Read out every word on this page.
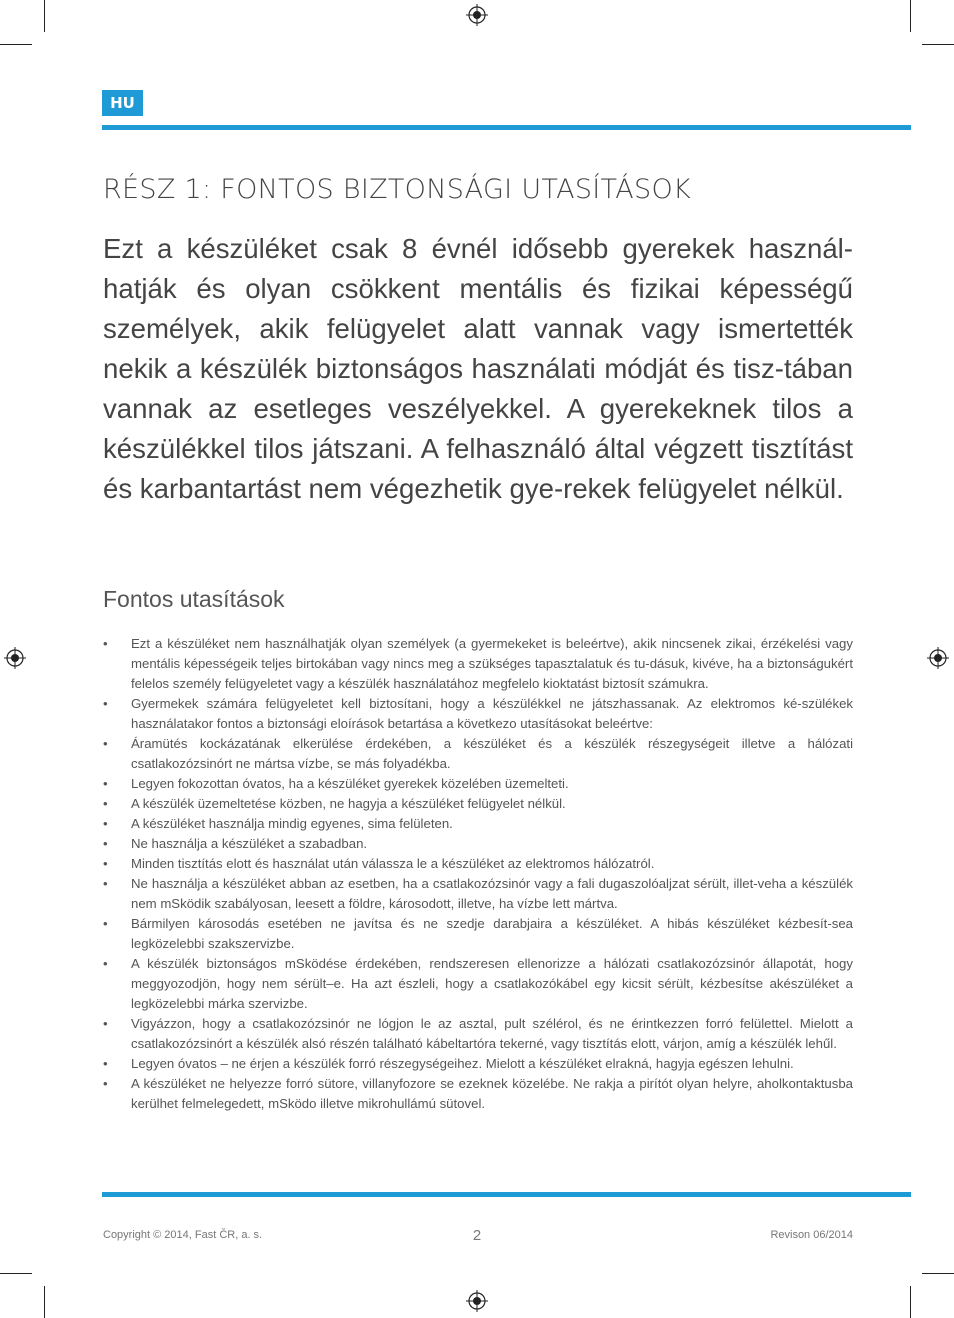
HU
RÉSZ 1: FONTOS BIZTONSÁGI UTASÍTÁSOK
Ezt a készüléket csak 8 évnél idősebb gyerekek használ-hatják és olyan csökkent mentális és fizikai képességű személyek, akik felügyelet alatt vannak vagy ismertették nekik a készülék biztonságos használati módját és tisz-tában vannak az esetleges veszélyekkel. A gyerekeknek tilos a készülékkel tilos játszani. A felhasználó által végzett tisztítást és karbantartást nem végezhetik gye-rekek felügyelet nélkül.
Fontos utasítások
• Ezt a készüléket nem használhatják olyan személyek (a gyermekeket is beleértve), akik nincsenek zikai, érzékelési vagy mentális képességeik teljes birtokában vagy nincs meg a szükséges tapasztalatuk és tu-dásuk, kivéve, ha a biztonságukért felelos személy felügyeletet vagy a készülék használatához megfelelo kioktatást biztosít számukra.
• Gyermekek számára felügyeletet kell biztosítani, hogy a készülékkel ne játszhassanak. Az elektromos ké-szülékek használatakor fontos a biztonsági eloírások betartása a következo utasításokat beleértve:
• Áramütés kockázatának elkerülése érdekében, a készüléket és a készülék részegységeit illetve a hálózati csatlakozózsinórt ne mártsa vízbe, se más folyadékba.
• Legyen fokozottan óvatos, ha a készüléket gyerekek közelében üzemelteti.
• A készülék üzemeltetése közben, ne hagyja a készüléket felügyelet nélkül.
• A készüléket használja mindig egyenes, sima felületen.
• Ne használja a készüléket a szabadban.
• Minden tisztítás elott és használat után válassza le a készüléket az elektromos hálózatról.
• Ne használja a készüléket abban az esetben, ha a csatlakozózsinór vagy a fali dugaszolóaljzat sérült, illet-veha a készülék nem mSködik szabályosan, leesett a földre, károsodott, illetve, ha vízbe lett mártva.
• Bármilyen károsodás esetében ne javítsa és ne szedje darabjaira a készüléket. A hibás készüléket kézbesít-sea legközelebbi szakszervizbe.
• A készülék biztonságos mSködése érdekében, rendszeresen ellenorizze a hálózati csatlakozózsinór állapotát, hogy meggyozodjön, hogy nem sérült–e. Ha azt észleli, hogy a csatlakozókábel egy kicsit sérült, kézbesítse akészüléket a legközelebbi márka szervizbe.
• Vigyázzon, hogy a csatlakozózsinór ne lógjon le az asztal, pult szélérol, és ne érintkezzen forró felülettel. Mielott a csatlakozózsinórt a készülék alsó részén található kábeltartóra tekerné, vagy tisztítás elott, várjon, amíg a készülék lehűl.
• Legyen óvatos – ne érjen a készülék forró részegységeihez. Mielott a készüléket elrakná, hagyja egészen lehulni.
• A készüléket ne helyezze forró sütore, villanyfozore se ezeknek közelébe. Ne rakja a pirítót olyan helyre, aholkontaktusba kerülhet felmelegedett, mSködo illetve mikrohullámú sütovel.
Copyright © 2014, Fast ČR, a. s.	2	Revison 06/2014
